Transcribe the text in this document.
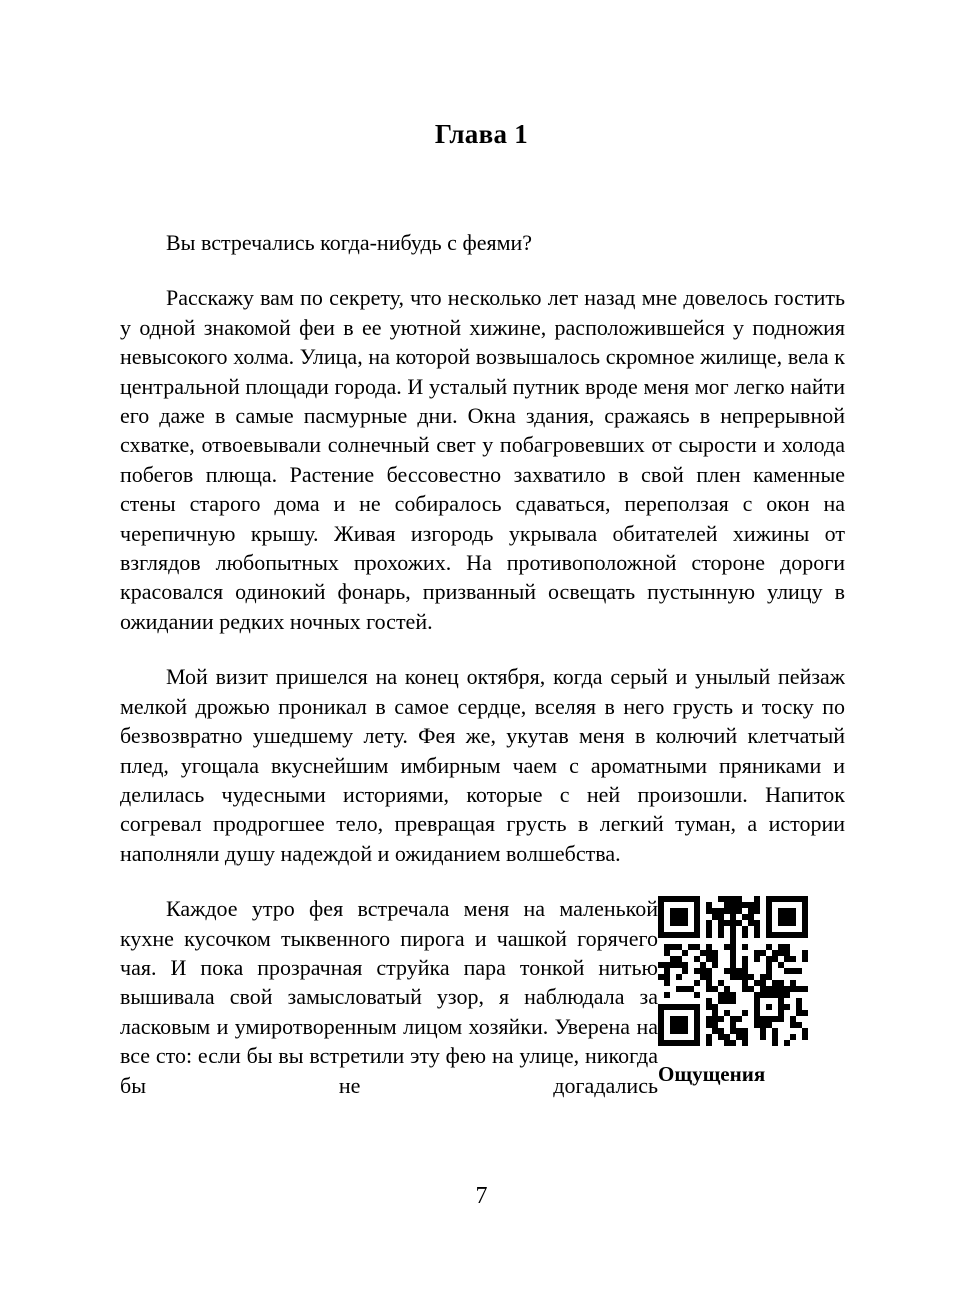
Глава 1

Вы встречались когда-нибудь с феями?

Расскажу вам по секрету, что несколько лет назад мне довелось гостить у одной знакомой феи в ее уютной хижине, расположившейся у подножия невысокого холма. Улица, на которой возвышалось скромное жилище, вела к центральной площади города. И усталый путник вроде меня мог легко найти его даже в самые пасмурные дни. Окна здания, сражаясь в непрерывной схватке, отвоевывали солнечный свет у побагровевших от сырости и холода побегов плюща. Растение бессовестно захватило в свой плен каменные стены старого дома и не собиралось сдаваться, переползая с окон на черепичную крышу. Живая изгородь укрывала обитателей хижины от взглядов любопытных прохожих. На противоположной стороне дороги красовался одинокий фонарь, призванный освещать пустынную улицу в ожидании редких ночных гостей.

Мой визит пришелся на конец октября, когда серый и унылый пейзаж мелкой дрожью проникал в самое сердце, вселяя в него грусть и тоску по безвозвратно ушедшему лету. Фея же, укутав меня в колючий клетчатый плед, угощала вкуснейшим имбирным чаем с ароматными пряниками и делилась чудесными историями, которые с ней произошли. Напиток согревал продрогшее тело, превращая грусть в легкий туман, а истории наполняли душу надеждой и ожиданием волшебства.

Ощущения
Каждое утро фея встречала меня на маленькой кухне кусочком тыквенного пирога и чашкой горячего чая. И пока прозрачная струйка пара тонкой нитью вышивала свой замысловатый узор, я наблюдала за ласковым и умиротворенным лицом хозяйки. Уверена на все сто: если бы вы встретили эту фею на улице, никогда бы не догадались

7
